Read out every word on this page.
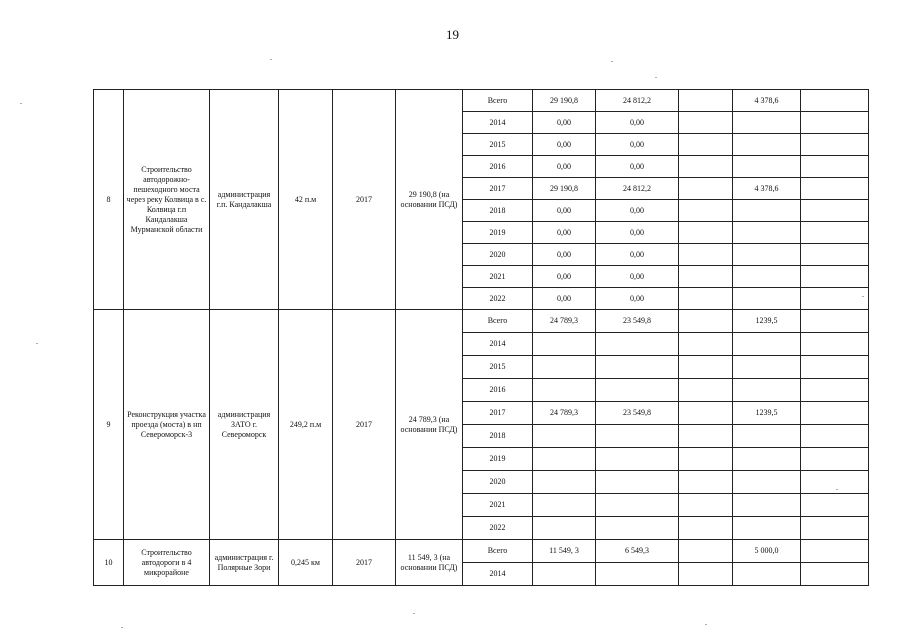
19
8	Строительство автодорожно-пешеходного моста через реку Колвица в с. Колвица г.п Кандалакша Мурманской области	администрация г.п. Кандалакша	42 п.м	2017	29 190,8 (на основании ПСД)	Всего	29 190,8	24 812,2		4 378,6	
						2014	0,00	0,00			
						2015	0,00	0,00			
						2016	0,00	0,00			
						2017	29 190,8	24 812,2		4 378,6	
						2018	0,00	0,00			
						2019	0,00	0,00			
						2020	0,00	0,00			
						2021	0,00	0,00			
						2022	0,00	0,00			
9	Реконструкция участка проезда (моста) в нп Североморск-3	администрация ЗАТО г. Североморск	249,2 п.м	2017	24 789,3 (на основании ПСД)	Всего	24 789,3	23 549,8		1239,5	
						2014					
						2015					
						2016					
						2017	24 789,3	23 549,8		1239,5	
						2018					
						2019					
						2020					
						2021					
						2022					
10	Строительство автодороги в 4 микрорайоне	администрация г. Полярные Зори	0,245 км	2017	11 549, 3 (на основании ПСД)	Всего	11 549, 3	6 549,3		5 000,0	
						2014					
